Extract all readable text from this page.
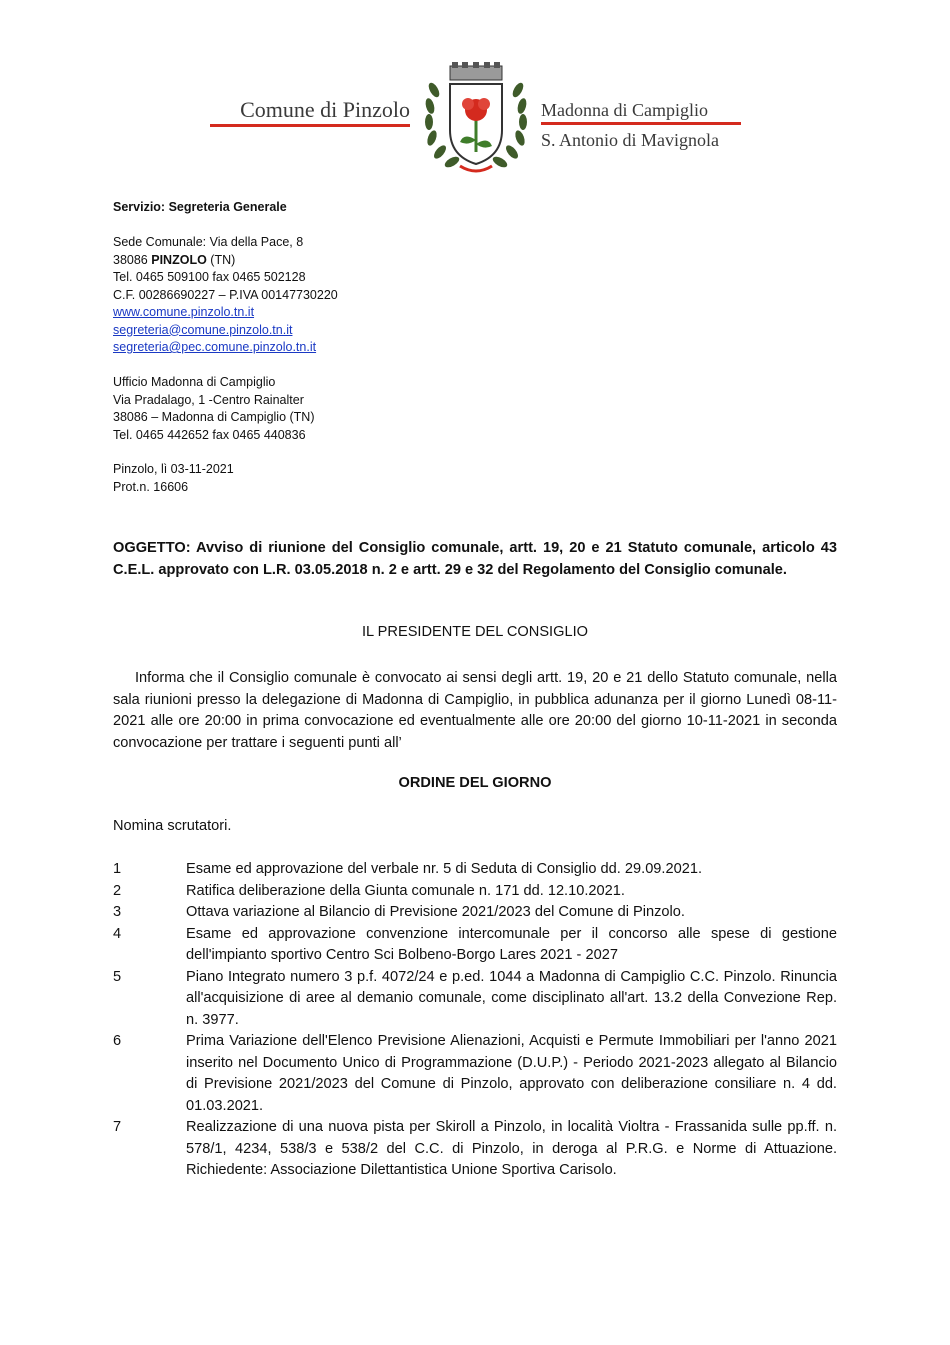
Comune di Pinzolo	Madonna di Campiglio
S. Antonio di Mavignola
Servizio: Segreteria Generale
Sede Comunale: Via della Pace, 8
38086 PINZOLO (TN)
Tel. 0465 509100 fax 0465 502128
C.F. 00286690227 – P.IVA 00147730220
www.comune.pinzolo.tn.it
segreteria@comune.pinzolo.tn.it
segreteria@pec.comune.pinzolo.tn.it
Ufficio Madonna di Campiglio
Via Pradalago, 1 -Centro Rainalter
38086 – Madonna di Campiglio (TN)
Tel. 0465 442652 fax 0465 440836
Pinzolo, lì 03-11-2021
Prot.n. 16606
OGGETTO: Avviso di riunione del Consiglio comunale, artt. 19, 20 e 21 Statuto comunale, articolo 43 C.E.L. approvato con L.R. 03.05.2018 n. 2 e artt. 29 e 32 del Regolamento del Consiglio comunale.
IL PRESIDENTE DEL CONSIGLIO
Informa che il Consiglio comunale è convocato ai sensi degli artt. 19, 20 e 21 dello Statuto comunale, nella sala riunioni presso la delegazione di Madonna di Campiglio, in pubblica adunanza per il giorno Lunedì 08-11-2021 alle ore 20:00 in prima convocazione ed eventualmente alle ore 20:00 del giorno 10-11-2021 in seconda convocazione per trattare i seguenti punti all’
ORDINE DEL GIORNO
Nomina scrutatori.
1	Esame ed approvazione del verbale nr. 5 di Seduta di Consiglio dd. 29.09.2021.
2	Ratifica deliberazione della Giunta comunale n. 171 dd. 12.10.2021.
3	Ottava variazione al Bilancio di Previsione 2021/2023 del Comune di Pinzolo.
4	Esame ed approvazione convenzione intercomunale per il concorso alle spese di gestione dell'impianto sportivo Centro Sci Bolbeno-Borgo Lares 2021 - 2027
5	Piano Integrato numero 3 p.f. 4072/24 e p.ed. 1044 a Madonna di Campiglio C.C. Pinzolo. Rinuncia all'acquisizione di aree al demanio comunale, come disciplinato all'art. 13.2 della Convezione Rep. n. 3977.
6	Prima Variazione dell'Elenco Previsione Alienazioni, Acquisti e Permute Immobiliari per l'anno 2021 inserito nel Documento Unico di Programmazione (D.U.P.) - Periodo 2021-2023 allegato al Bilancio di Previsione 2021/2023 del Comune di Pinzolo, approvato con deliberazione consiliare n. 4 dd. 01.03.2021.
7	Realizzazione di una nuova pista per Skiroll a Pinzolo, in località Violtra - Frassanida sulle pp.ff. n. 578/1, 4234, 538/3 e 538/2 del C.C. di Pinzolo, in deroga al P.R.G. e Norme di Attuazione. Richiedente: Associazione Dilettantistica Unione Sportiva Carisolo.
